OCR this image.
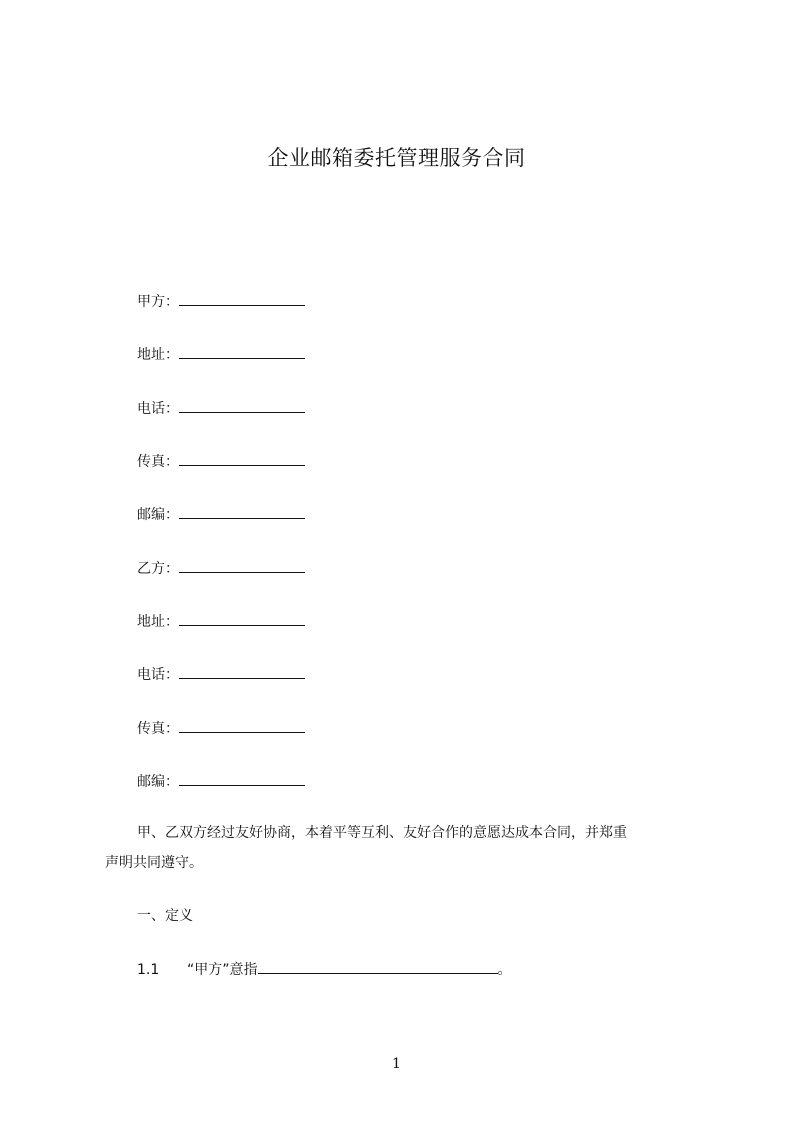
企业邮箱委托管理服务合同
甲方：
地址：
电话：
传真：
邮编：
乙方：
地址：
电话：
传真：
邮编：
甲、乙双方经过友好协商，本着平等互利、友好合作的意愿达成本合同，并郑重
声明共同遵守。
一、定义
1.1 “甲方”意指	。
1
